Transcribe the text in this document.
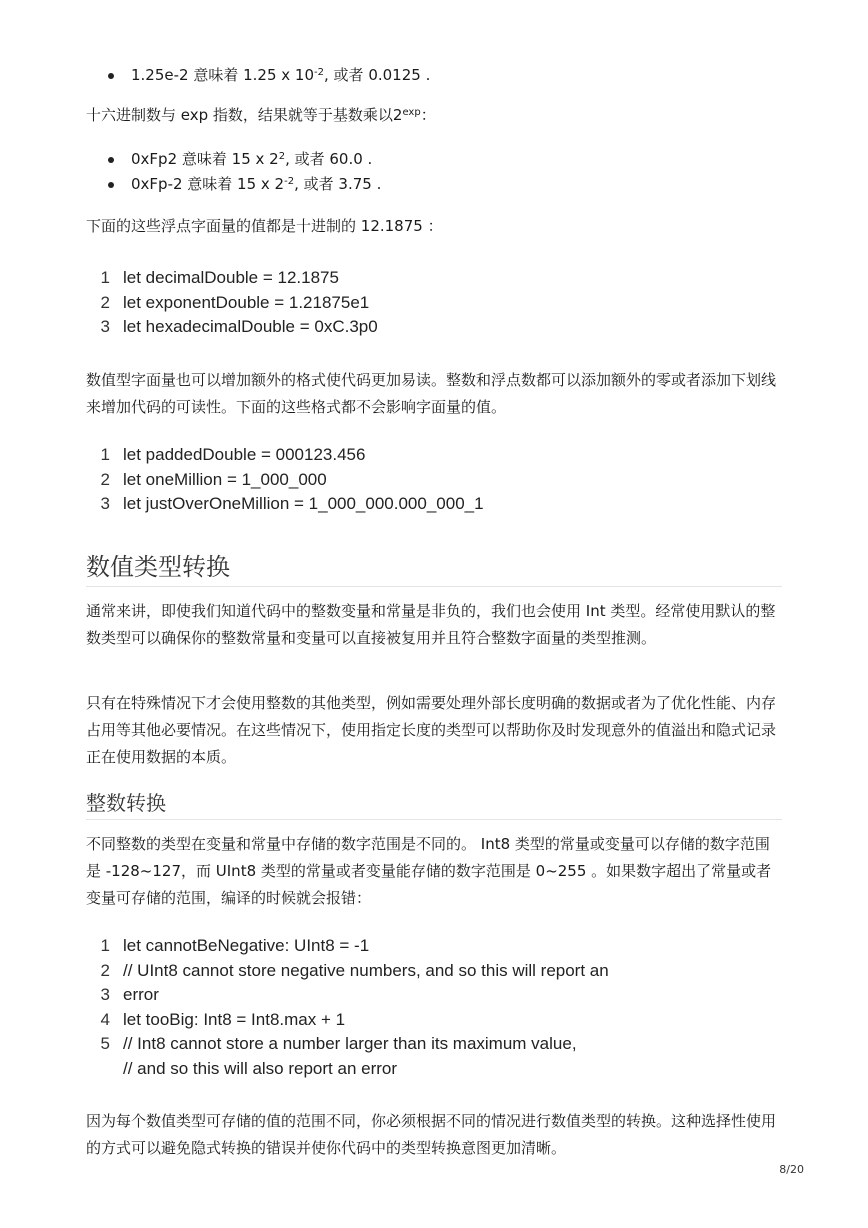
1.25e-2 意味着 1.25 x $10^{-2}$, 或者 0.0125 .
十六进制数与 exp 指数，结果就等于基数乘以$2^{exp}$：
0xFp2 意味着 15 x $2^2$, 或者 60.0 .
0xFp-2 意味着 15 x $2^{-2}$, 或者 3.75 .
下面的这些浮点字面量的值都是十进制的 12.1875 ：
1 let decimalDouble = 12.1875
2 let exponentDouble = 1.21875e1
3 let hexadecimalDouble = 0xC.3p0
数值型字面量也可以增加额外的格式使代码更加易读。整数和浮点数都可以添加额外的零或者添加下划线来增加代码的可读性。下面的这些格式都不会影响字面量的值。
1 let paddedDouble = 000123.456
2 let oneMillion = 1_000_000
3 let justOverOneMillion = 1_000_000.000_000_1
数值类型转换
通常来讲，即使我们知道代码中的整数变量和常量是非负的，我们也会使用 Int 类型。经常使用默认的整数类型可以确保你的整数常量和变量可以直接被复用并且符合整数字面量的类型推测。
只有在特殊情况下才会使用整数的其他类型，例如需要处理外部长度明确的数据或者为了优化性能、内存占用等其他必要情况。在这些情况下，使用指定长度的类型可以帮助你及时发现意外的值溢出和隐式记录正在使用数据的本质。
整数转换
不同整数的类型在变量和常量中存储的数字范围是不同的。 Int8 类型的常量或变量可以存储的数字范围是 -128~127，而 UInt8 类型的常量或者变量能存储的数字范围是 0~255 。如果数字超出了常量或者变量可存储的范围，编译的时候就会报错：
1 let cannotBeNegative: UInt8 = -1
2 // UInt8 cannot store negative numbers, and so this will report an
3 error
4 let tooBig: Int8 = Int8.max + 1
5 // Int8 cannot store a number larger than its maximum value,
// and so this will also report an error
因为每个数值类型可存储的值的范围不同，你必须根据不同的情况进行数值类型的转换。这种选择性使用的方式可以避免隐式转换的错误并使你代码中的类型转换意图更加清晰。
8/20
